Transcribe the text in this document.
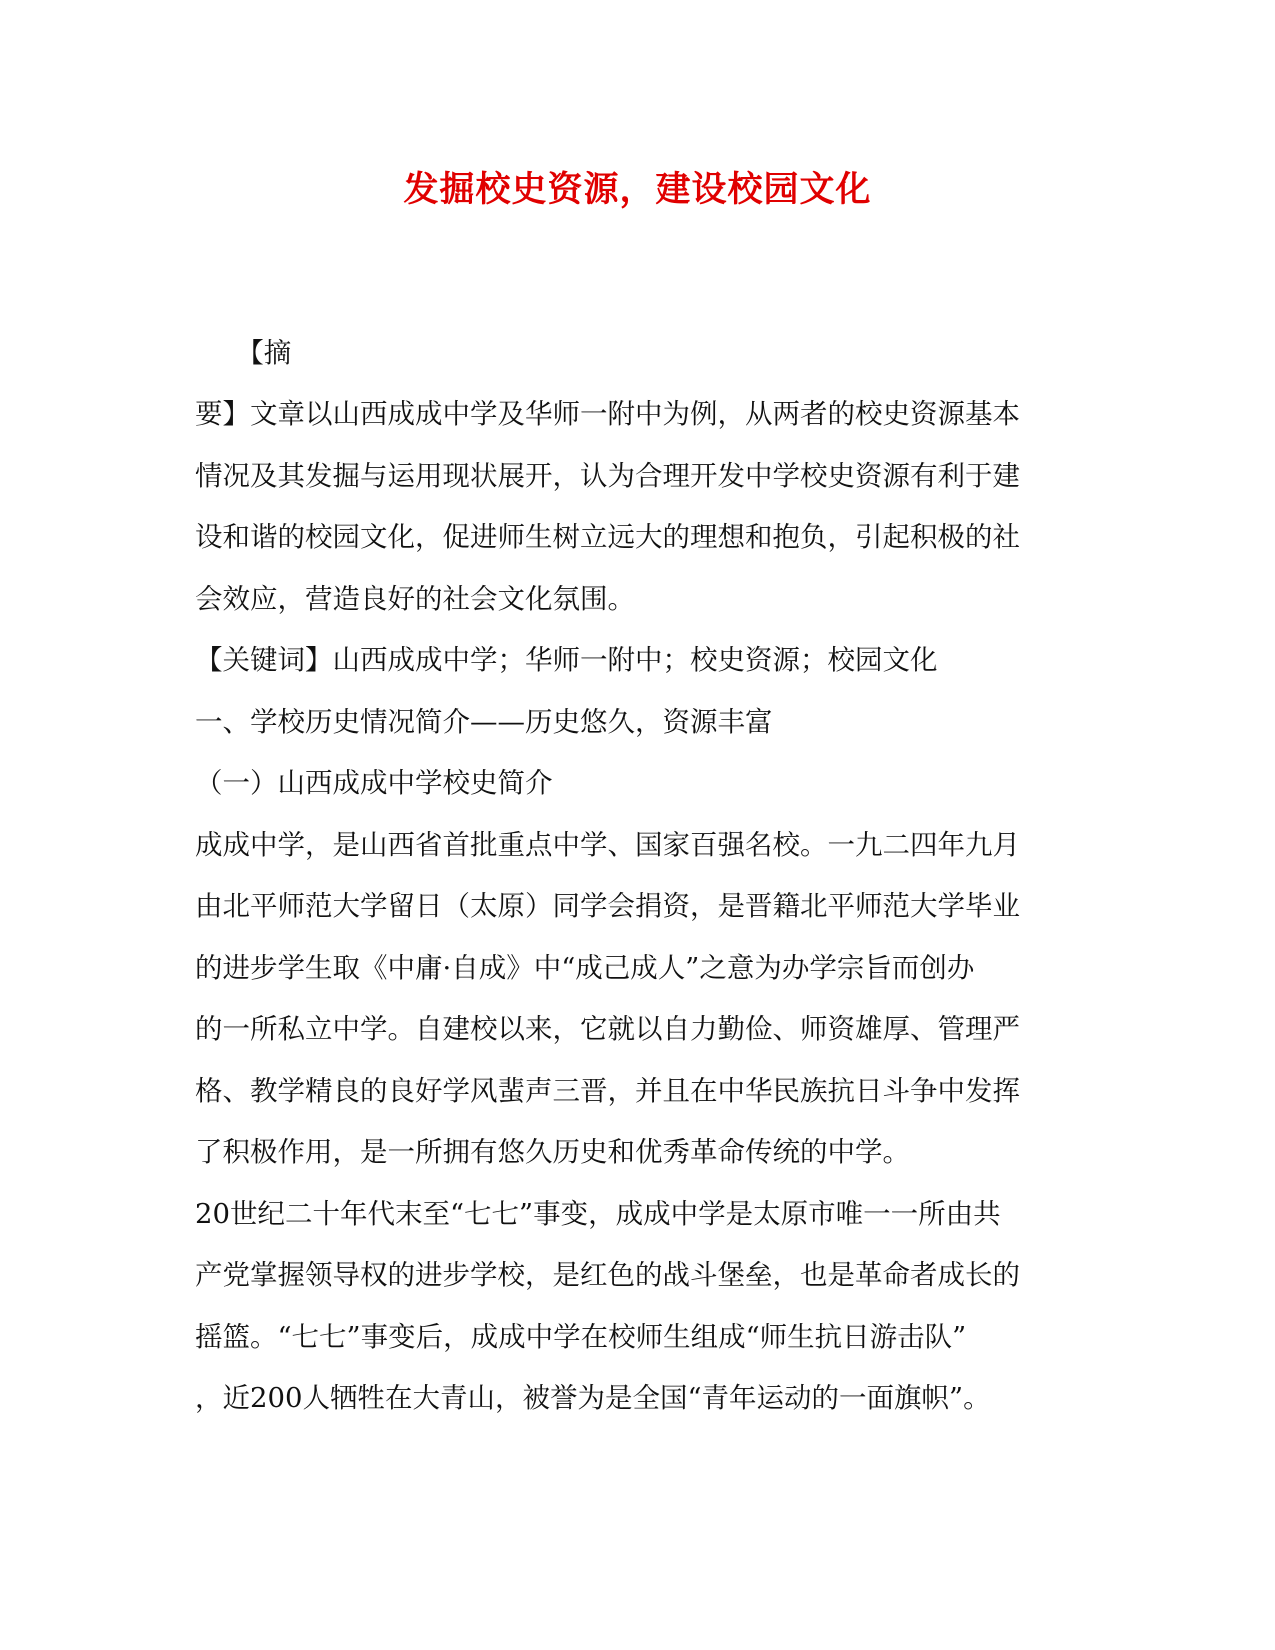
发掘校史资源，建设校园文化

　　【摘

要】文章以山西成成中学及华师一附中为例，从两者的校史资源基本

情况及其发掘与运用现状展开，认为合理开发中学校史资源有利于建

设和谐的校园文化，促进师生树立远大的理想和抱负，引起积极的社

会效应，营造良好的社会文化氛围。

【关键词】山西成成中学；华师一附中；校史资源；校园文化

一、学校历史情况简介——历史悠久，资源丰富

（一）山西成成中学校史简介

成成中学，是山西省首批重点中学、国家百强名校。一九二四年九月

由北平师范大学留日（太原）同学会捐资，是晋籍北平师范大学毕业

的进步学生取《中庸·自成》中“成己成人”之意为办学宗旨而创办

的一所私立中学。自建校以来，它就以自力勤俭、师资雄厚、管理严

格、教学精良的良好学风蜚声三晋，并且在中华民族抗日斗争中发挥

了积极作用，是一所拥有悠久历史和优秀革命传统的中学。

20世纪二十年代末至“七七”事变，成成中学是太原市唯一一所由共

产党掌握领导权的进步学校，是红色的战斗堡垒，也是革命者成长的

摇篮。“七七”事变后，成成中学在校师生组成“师生抗日游击队”

，近200人牺牲在大青山，被誉为是全国“青年运动的一面旗帜”。
